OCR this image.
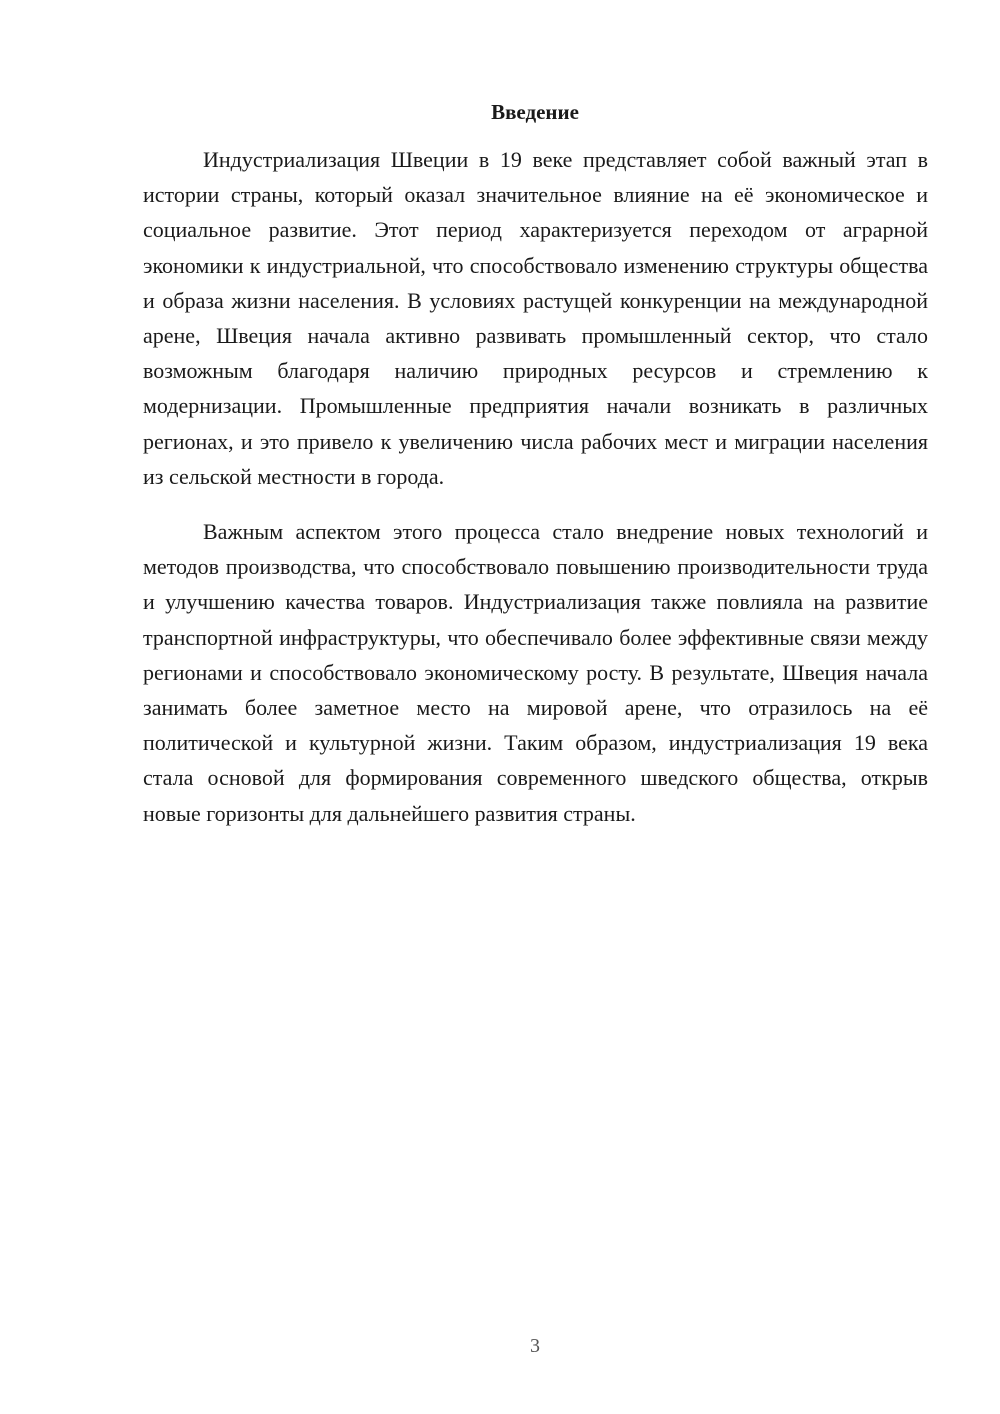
Введение

Индустриализация Швеции в 19 веке представляет собой важный этап в истории страны, который оказал значительное влияние на её экономическое и социальное развитие. Этот период характеризуется переходом от аграрной экономики к индустриальной, что способствовало изменению структуры общества и образа жизни населения. В условиях растущей конкуренции на международной арене, Швеция начала активно развивать промышленный сектор, что стало возможным благодаря наличию природных ресурсов и стремлению к модернизации. Промышленные предприятия начали возникать в различных регионах, и это привело к увеличению числа рабочих мест и миграции населения из сельской местности в города.

Важным аспектом этого процесса стало внедрение новых технологий и методов производства, что способствовало повышению производительности труда и улучшению качества товаров. Индустриализация также повлияла на развитие транспортной инфраструктуры, что обеспечивало более эффективные связи между регионами и способствовало экономическому росту. В результате, Швеция начала занимать более заметное место на мировой арене, что отразилось на её политической и культурной жизни. Таким образом, индустриализация 19 века стала основой для формирования современного шведского общества, открыв новые горизонты для дальнейшего развития страны.

3
